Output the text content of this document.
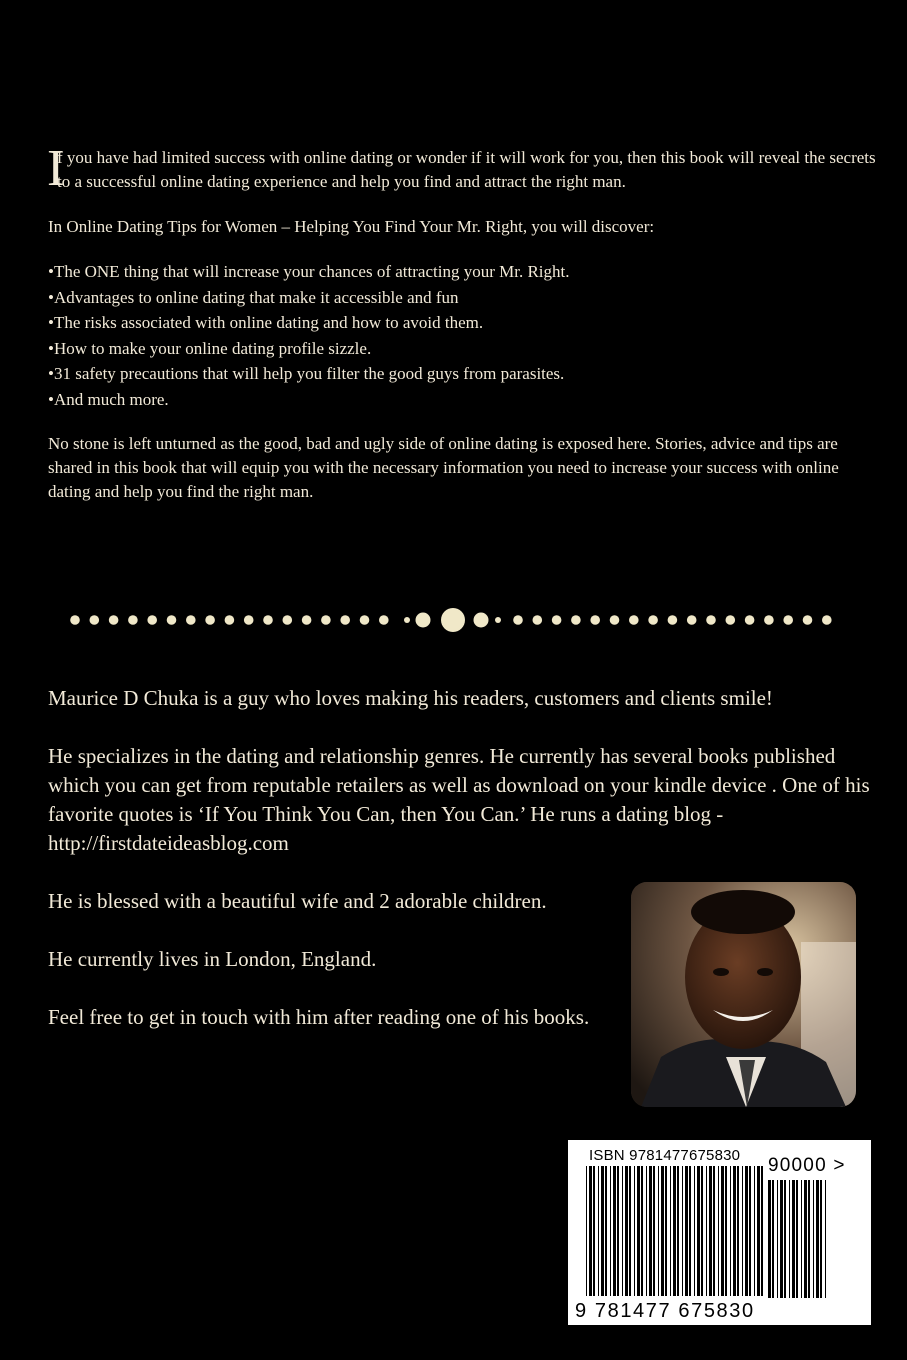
I
f you have had limited success with online dating or wonder if it will work for you, then this book will reveal the secrets to a successful online dating experience and help you find and attract the right man.

In Online Dating Tips for Women – Helping You Find Your Mr. Right, you will discover:

•The ONE thing that will increase your chances of attracting your Mr. Right.
•Advantages to online dating that make it accessible and fun
•The risks associated with online dating and how to avoid them.
•How to make your online dating profile sizzle.
•31 safety precautions that will help you filter the good guys from parasites.
•And much more.

No stone is left unturned as the good, bad and ugly side of online dating is exposed here. Stories, advice and tips are shared in this book that will equip you with the necessary information you need to increase your success with online dating and help you find the right man.

Maurice D Chuka is a guy who loves making his readers, customers and clients smile!

He specializes in the dating and relationship genres. He currently has several books published which you can get from reputable retailers as well as download on your kindle device . One of his favorite quotes is ‘If You Think You Can, then You Can.’ He runs a dating blog - http://firstdateideasblog.com

He is blessed with a beautiful wife and 2 adorable children.

He currently lives in London, England.

Feel free to get in touch with him after reading one of his books.

ISBN 9781477675830 90000 >
9 781477 675830
